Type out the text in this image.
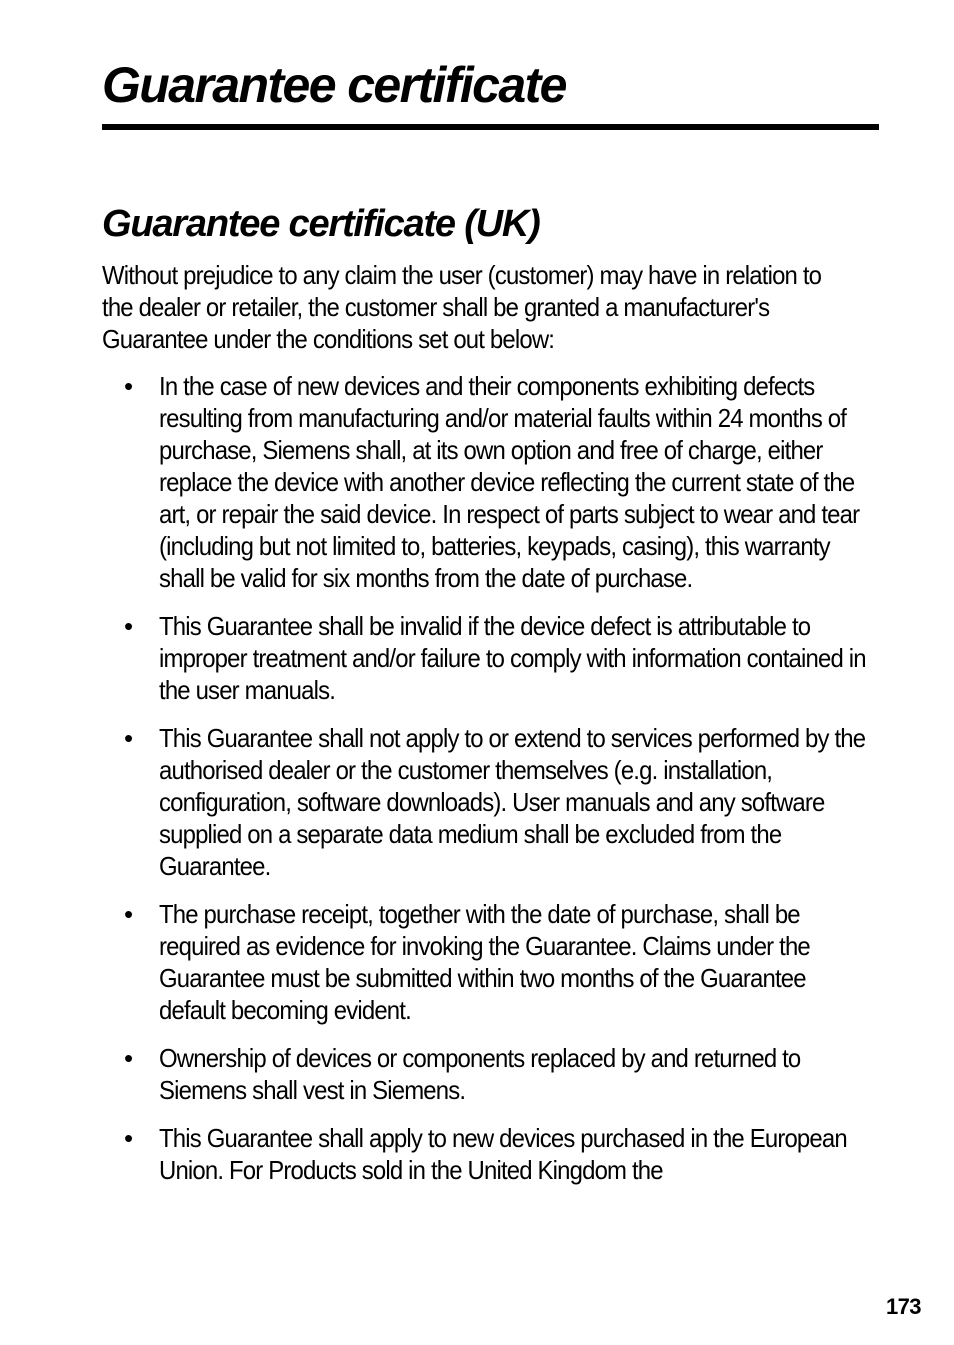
Guarantee certificate
Guarantee certificate (UK)

Without prejudice to any claim the user (customer) may have in relation to the dealer or retailer, the customer shall be granted a manufacturer's Guarantee under the conditions set out below:

• In the case of new devices and their components exhibiting defects resulting from manufacturing and/or material faults within 24 months of purchase, Siemens shall, at its own option and free of charge, either replace the device with another device reflecting the current state of the art, or repair the said device. In respect of parts subject to wear and tear (including but not limited to, batteries, keypads, casing), this warranty shall be valid for six months from the date of purchase.
• This Guarantee shall be invalid if the device defect is attributable to improper treatment and/or failure to comply with information contained in the user manuals.
• This Guarantee shall not apply to or extend to services performed by the authorised dealer or the customer themselves (e.g. installation, configuration, software downloads). User manuals and any software supplied on a separate data medium shall be excluded from the Guarantee.
• The purchase receipt, together with the date of purchase, shall be required as evidence for invoking the Guarantee. Claims under the Guarantee must be submitted within two months of the Guarantee default becoming evident.
• Ownership of devices or components replaced by and returned to Siemens shall vest in Siemens.
• This Guarantee shall apply to new devices purchased in the European Union. For Products sold in the United Kingdom the
173
